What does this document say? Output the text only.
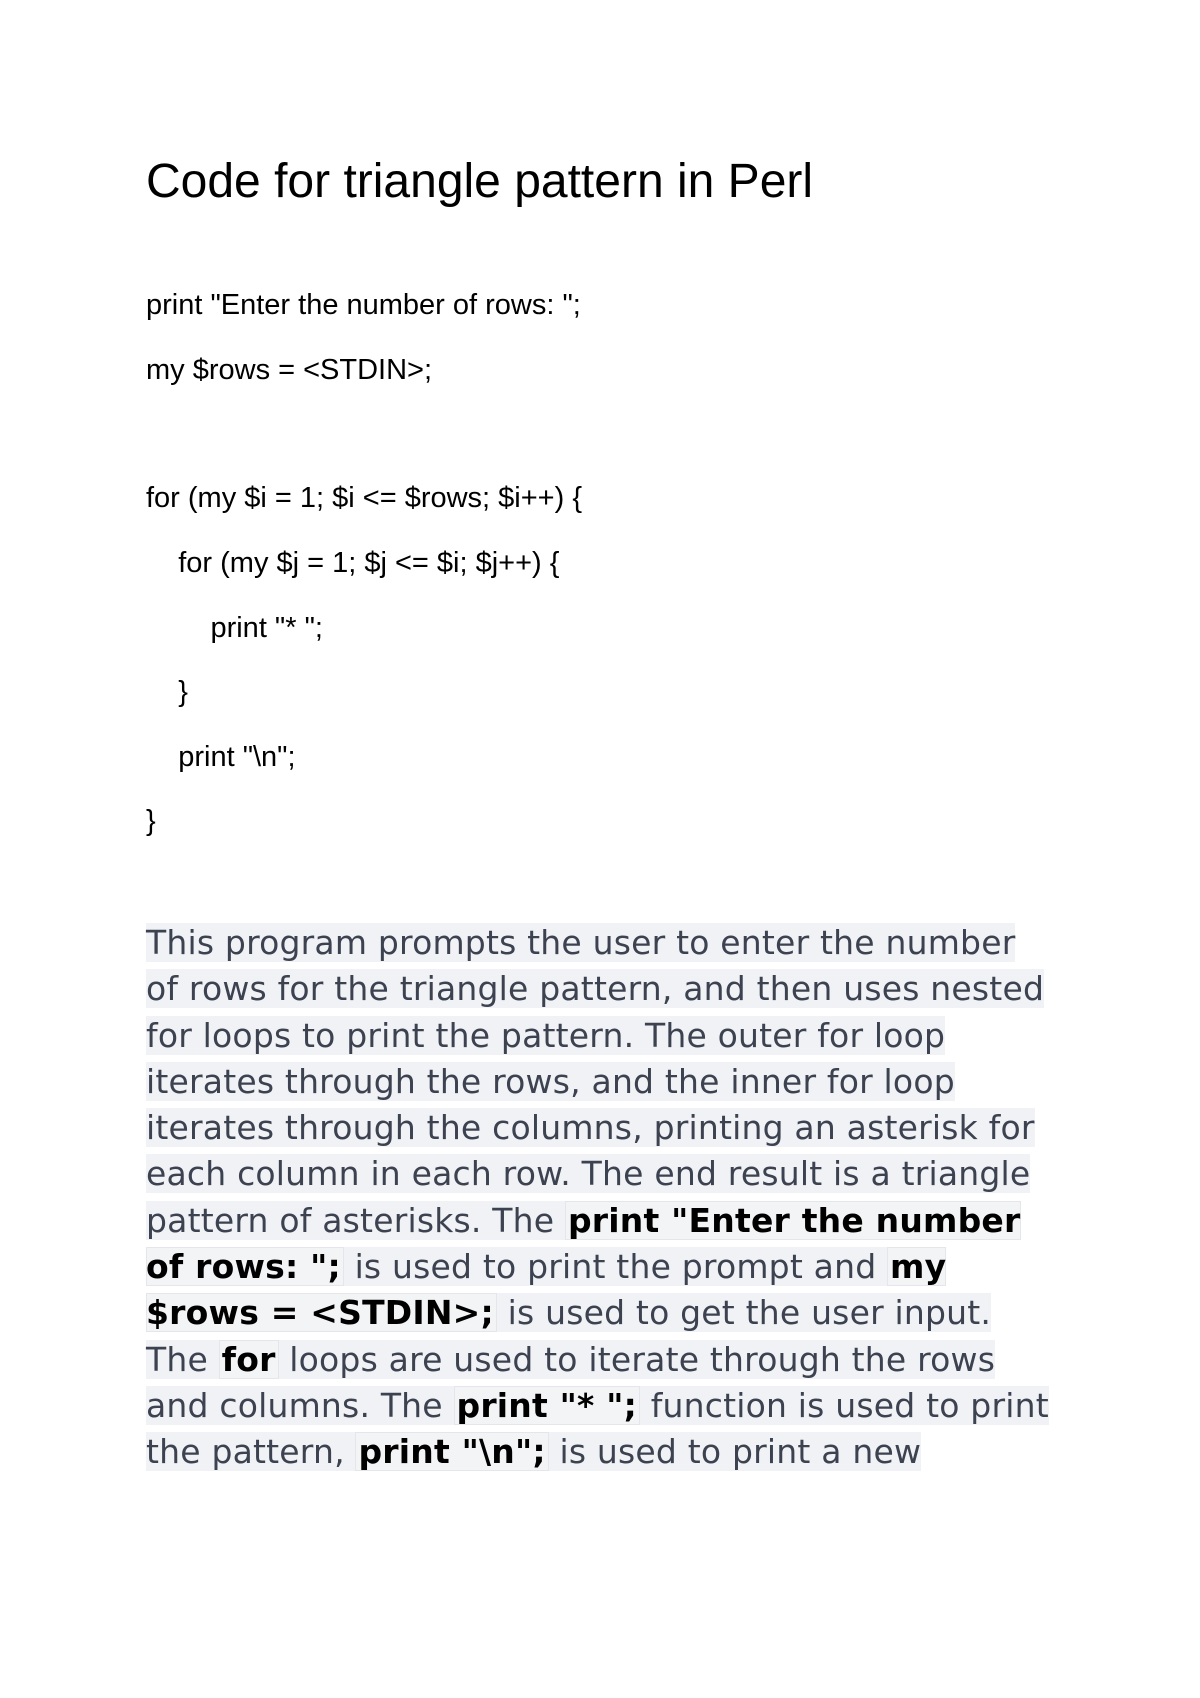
Code for triangle pattern in Perl
print "Enter the number of rows: ";
my $rows = <STDIN>;
for (my $i = 1; $i <= $rows; $i++) {
for (my $j = 1; $j <= $i; $j++) {
print "* ";
}
print "\n";
}

This program prompts the user to enter the number of rows for the triangle pattern, and then uses nested for loops to print the pattern. The outer for loop iterates through the rows, and the inner for loop iterates through the columns, printing an asterisk for each column in each row. The end result is a triangle pattern of asterisks. The print "Enter the number of rows: "; is used to print the prompt and my $rows = <STDIN>; is used to get the user input. The for loops are used to iterate through the rows and columns. The print "* "; function is used to print the pattern, print "\n"; is used to print a new
